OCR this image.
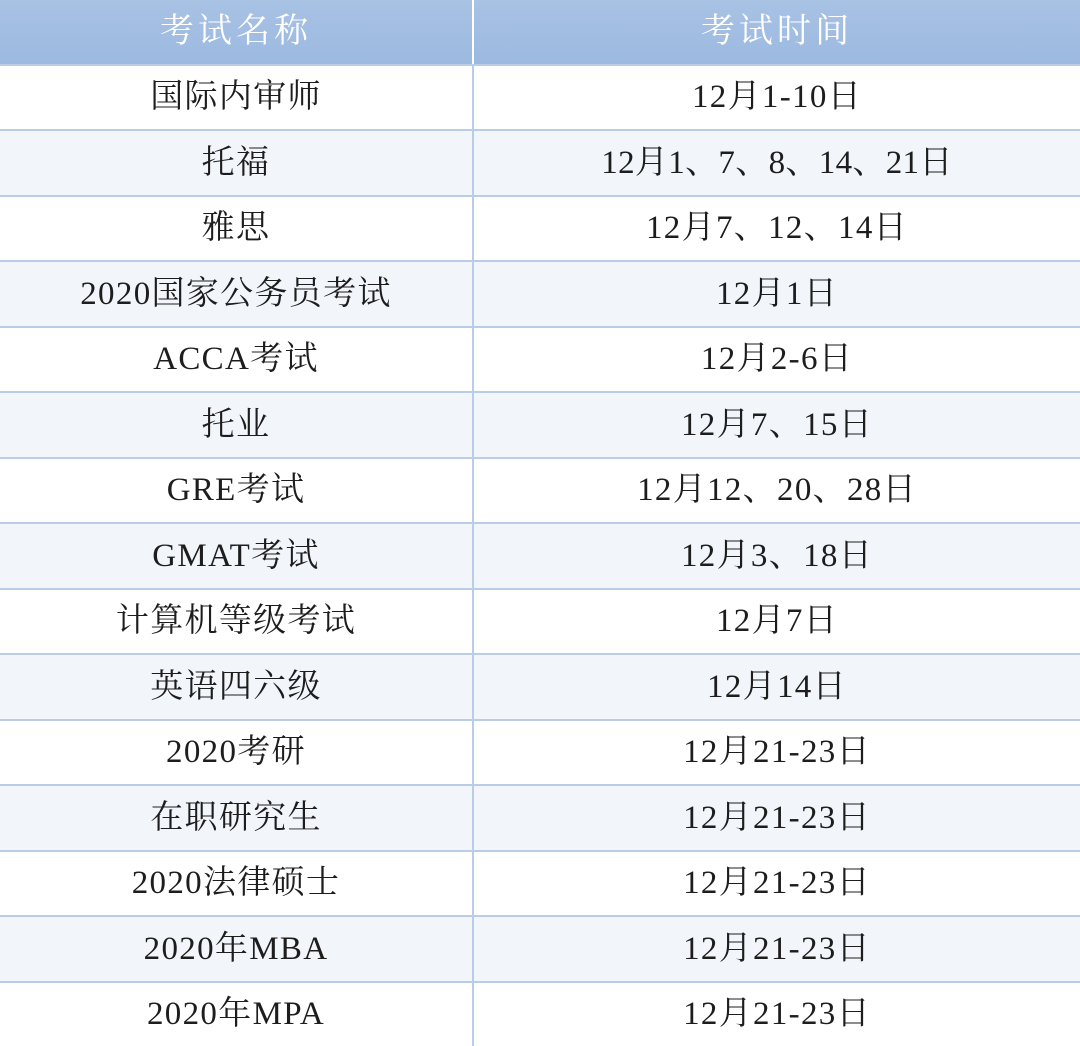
考试名称	考试时间
国际内审师	12月1-10日
托福	12月1、7、8、14、21日
雅思	12月7、12、14日
2020国家公务员考试	12月1日
ACCA考试	12月2-6日
托业	12月7、15日
GRE考试	12月12、20、28日
GMAT考试	12月3、18日
计算机等级考试	12月7日
英语四六级	12月14日
2020考研	12月21-23日
在职研究生	12月21-23日
2020法律硕士	12月21-23日
2020年MBA	12月21-23日
2020年MPA	12月21-23日
